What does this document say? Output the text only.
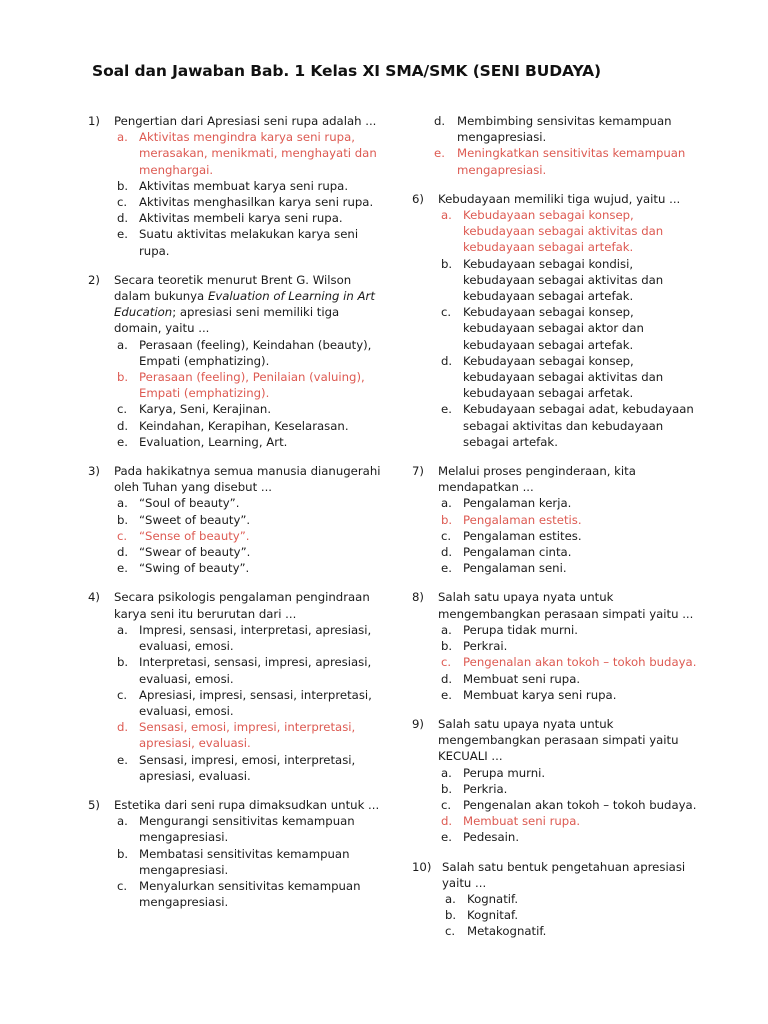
Soal dan Jawaban Bab. 1 Kelas XI SMA/SMK (SENI BUDAYA)
1)	Pengertian dari Apresiasi seni rupa adalah ...
a. Aktivitas mengindra karya seni rupa, merasakan, menikmati, menghayati dan menghargai.
b. Aktivitas membuat karya seni rupa.
c. Aktivitas menghasilkan karya seni rupa.
d. Aktivitas membeli karya seni rupa.
e. Suatu aktivitas melakukan karya seni rupa.
2)	Secara teoretik menurut Brent G. Wilson dalam bukunya Evaluation of Learning in Art Education; apresiasi seni memiliki tiga domain, yaitu ...
a. Perasaan (feeling), Keindahan (beauty), Empati (emphatizing).
b. Perasaan (feeling), Penilaian (valuing), Empati (emphatizing).
c. Karya, Seni, Kerajinan.
d. Keindahan, Kerapihan, Keselarasan.
e. Evaluation, Learning, Art.
3)	Pada hakikatnya semua manusia dianugerahi oleh Tuhan yang disebut ...
a. “Soul of beauty”.
b. “Sweet of beauty”.
c. “Sense of beauty”.
d. “Swear of beauty”.
e. “Swing of beauty”.
4)	Secara psikologis pengalaman pengindraan karya seni itu berurutan dari ...
a. Impresi, sensasi, interpretasi, apresiasi, evaluasi, emosi.
b. Interpretasi, sensasi, impresi, apresiasi, evaluasi, emosi.
c. Apresiasi, impresi, sensasi, interpretasi, evaluasi, emosi.
d. Sensasi, emosi, impresi, interpretasi, apresiasi, evaluasi.
e. Sensasi, impresi, emosi, interpretasi, apresiasi, evaluasi.
5)	Estetika dari seni rupa dimaksudkan untuk ...
a. Mengurangi sensitivitas kemampuan mengapresiasi.
b. Membatasi sensitivitas kemampuan mengapresiasi.
c. Menyalurkan sensitivitas kemampuan mengapresiasi.
d. Membimbing sensivitas kemampuan mengapresiasi.
e. Meningkatkan sensitivitas kemampuan mengapresiasi.
6)	Kebudayaan memiliki tiga wujud, yaitu ...
a. Kebudayaan sebagai konsep, kebudayaan sebagai aktivitas dan kebudayaan sebagai artefak.
b. Kebudayaan sebagai kondisi, kebudayaan sebagai aktivitas dan kebudayaan sebagai artefak.
c. Kebudayaan sebagai konsep, kebudayaan sebagai aktor dan kebudayaan sebagai artefak.
d. Kebudayaan sebagai konsep, kebudayaan sebagai aktivitas dan kebudayaan sebagai arfetak.
e. Kebudayaan sebagai adat, kebudayaan sebagai aktivitas dan kebudayaan sebagai artefak.
7)	Melalui proses penginderaan, kita mendapatkan ...
a. Pengalaman kerja.
b. Pengalaman estetis.
c. Pengalaman estites.
d. Pengalaman cinta.
e. Pengalaman seni.
8)	Salah satu upaya nyata untuk mengembangkan perasaan simpati yaitu ...
a. Perupa tidak murni.
b. Perkrai.
c. Pengenalan akan tokoh – tokoh budaya.
d. Membuat seni rupa.
e. Membuat karya seni rupa.
9)	Salah satu upaya nyata untuk mengembangkan perasaan simpati yaitu KECUALI ...
a. Perupa murni.
b. Perkria.
c. Pengenalan akan tokoh – tokoh budaya.
d. Membuat seni rupa.
e. Pedesain.
10) Salah satu bentuk pengetahuan apresiasi yaitu ...
a. Kognatif.
b. Kognitaf.
c. Metakognatif.
